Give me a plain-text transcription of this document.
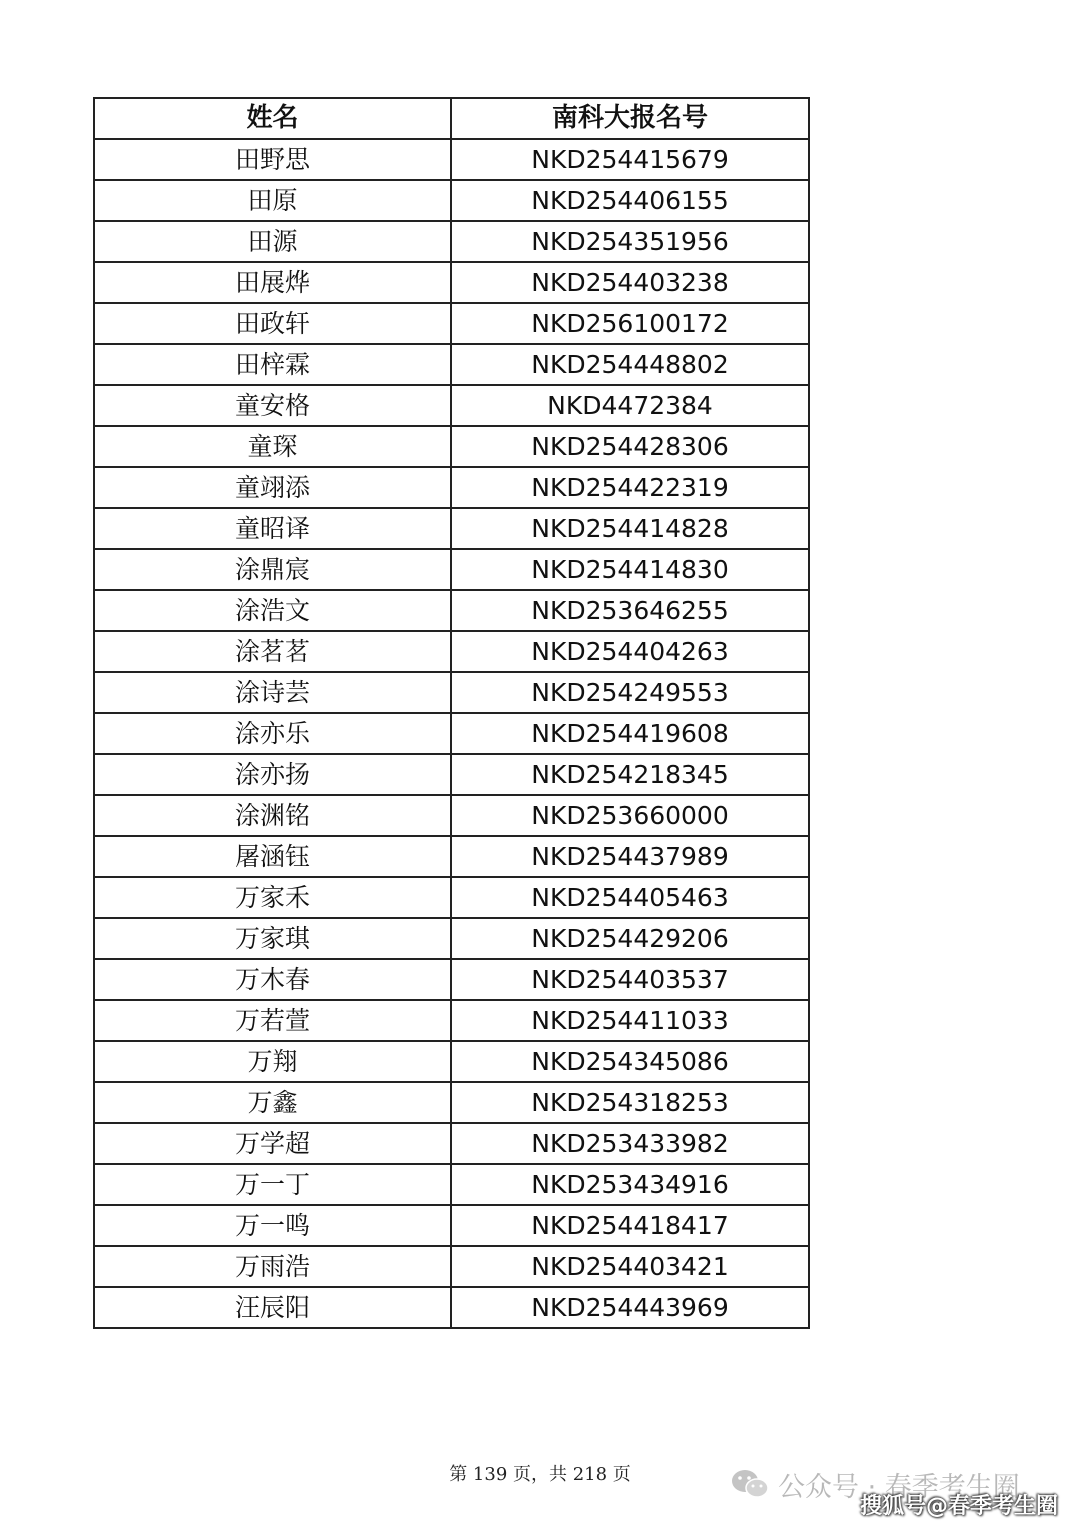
姓名	南科大报名号
田野思	NKD254415679
田原	NKD254406155
田源	NKD254351956
田展烨	NKD254403238
田政轩	NKD256100172
田梓霖	NKD254448802
童安格	NKD4472384
童琛	NKD254428306
童翊添	NKD254422319
童昭译	NKD254414828
涂鼎宸	NKD254414830
涂浩文	NKD253646255
涂茗茗	NKD254404263
涂诗芸	NKD254249553
涂亦乐	NKD254419608
涂亦扬	NKD254218345
涂渊铭	NKD253660000
屠涵钰	NKD254437989
万家禾	NKD254405463
万家琪	NKD254429206
万木春	NKD254403537
万若萱	NKD254411033
万翔	NKD254345086
万鑫	NKD254318253
万学超	NKD253433982
万一丁	NKD253434916
万一鸣	NKD254418417
万雨浩	NKD254403421
汪辰阳	NKD254443969
第 139 页，共 218 页	公众号 · 春季考生圈
搜狐号@春季考生圈
